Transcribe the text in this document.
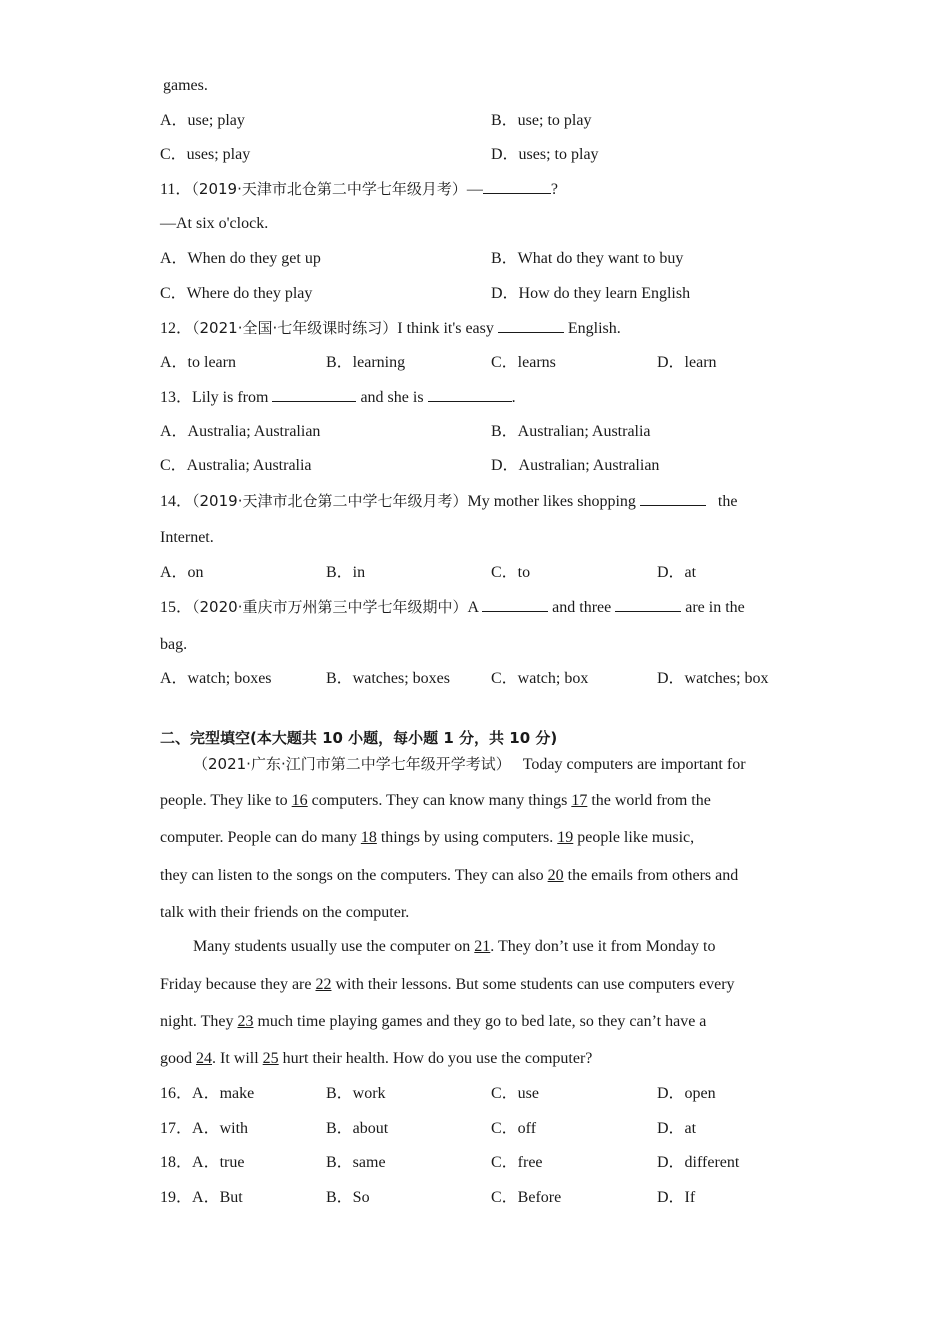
games.
A．use; play	B．use; to play
C．uses; play	D．uses; to play
11．（2019·天津市北仓第二中学七年级月考）—	?
—At six o'clock.
A．When do they get up	B．What do they want to buy
C．Where do they play	D．How do they learn English
12．（2021·全国·七年级课时练习）I think it's easy	English.
A．to learn	B．learning	C．learns	D．learn
13．Lily is from	and she is	.
A．Australia; Australian	B．Australian; Australia
C．Australia; Australia	D．Australian; Australian
14．（2019·天津市北仓第二中学七年级月考）My mother likes shopping	the
Internet.
A．on	B．in	C．to	D．at
15．（2020·重庆市万州第三中学七年级期中）A	and three	are in the
bag.
A．watch; boxes	B．watches; boxes	C．watch; box	D．watches; box
二、完型填空(本大题共 10 小题，每小题 1 分，共 10 分)
（2021·广东·江门市第二中学七年级开学考试） Today computers are important for
people. They like to 16 computers. They can know many things 17 the world from the
computer. People can do many 18 things by using computers. 19 people like music,
they can listen to the songs on the computers. They can also 20 the emails from others and
talk with their friends on the computer.
Many students usually use the computer on 21. They don’t use it from Monday to
Friday because they are 22 with their lessons. But some students can use computers every
night. They 23 much time playing games and they go to bed late, so they can’t have a
good 24. It will 25 hurt their health. How do you use the computer?
16．A．make	B．work	C．use	D．open
17．A．with	B．about	C．off	D．at
18．A．true	B．same	C．free	D．different
19．A．But	B．So	C．Before	D．If
